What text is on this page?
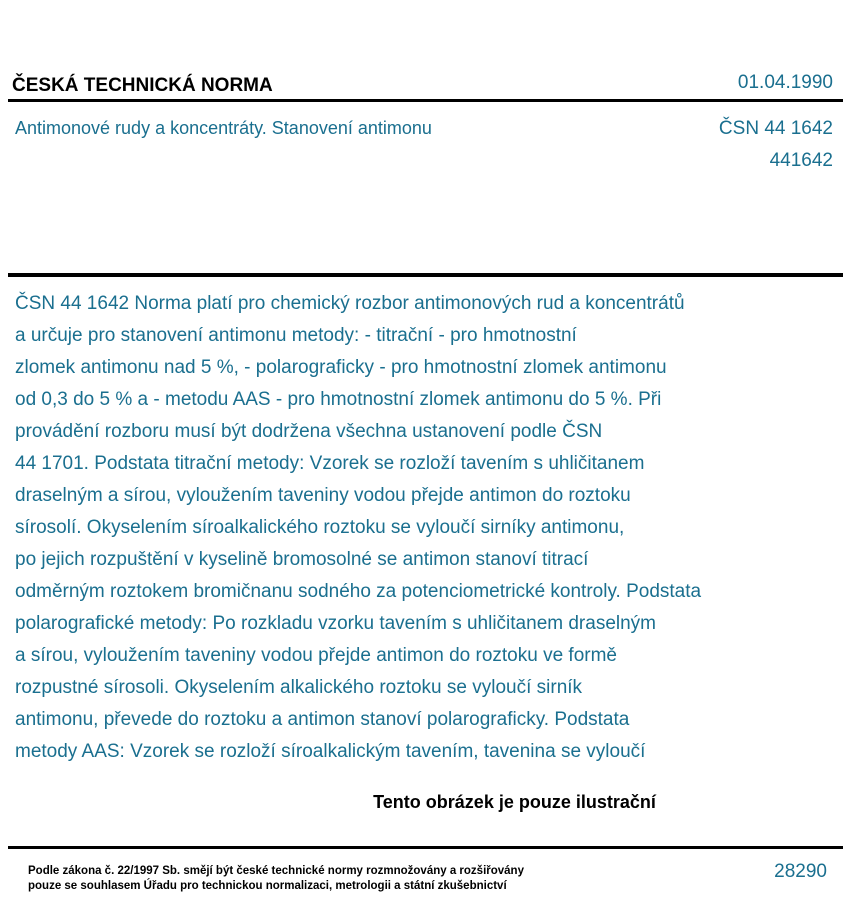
ČESKÁ TECHNICKÁ NORMA	01.04.1990
Antimonové rudy a koncentráty. Stanovení antimonu	ČSN 44 1642
441642
ČSN 44 1642 Norma platí pro chemický rozbor antimonových rud a koncentrátů
a určuje pro stanovení antimonu metody: - titrační - pro hmotnostní
zlomek antimonu nad 5 %, - polarograficky - pro hmotnostní zlomek antimonu
od 0,3 do 5 % a - metodu AAS - pro hmotnostní zlomek antimonu do 5 %. Při
provádění rozboru musí být dodržena všechna ustanovení podle ČSN
44 1701. Podstata titrační metody: Vzorek se rozloží tavením s uhličitanem
draselným a sírou, vyloužením taveniny vodou přejde antimon do roztoku
sírosolí. Okyselením síroalkalického roztoku se vyloučí sirníky antimonu,
po jejich rozpuštění v kyselině bromosolné se antimon stanoví titrací
odměrným roztokem bromičnanu sodného za potenciometrické kontroly. Podstata
polarografické metody: Po rozkladu vzorku tavením s uhličitanem draselným
a sírou, vyloužením taveniny vodou přejde antimon do roztoku ve formě
rozpustné sírosoli. Okyselením alkalického roztoku se vyloučí sirník
antimonu, převede do roztoku a antimon stanoví polarograficky. Podstata
metody AAS: Vzorek se rozloží síroalkalickým tavením, tavenina se vyloučí
Tento obrázek je pouze ilustrační
Podle zákona č. 22/1997 Sb. smějí být české technické normy rozmnožovány a rozšiřovány
pouze se souhlasem Úřadu pro technickou normalizaci, metrologii a státní zkušebnictví
28290
